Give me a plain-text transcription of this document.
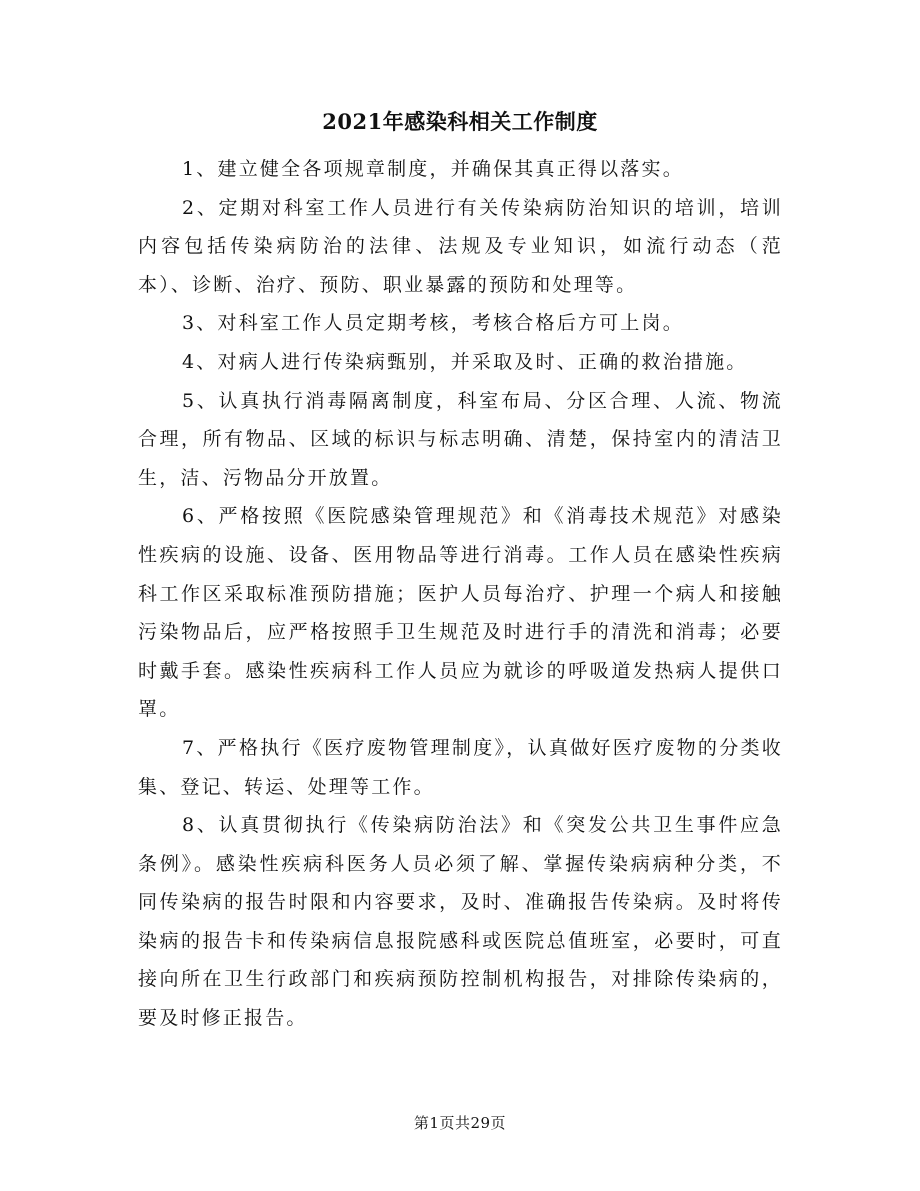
2021年感染科相关工作制度

1、建立健全各项规章制度，并确保其真正得以落实。

2、定期对科室工作人员进行有关传染病防治知识的培训，培训内容包括传染病防治的法律、法规及专业知识，如流行动态（范本）、诊断、治疗、预防、职业暴露的预防和处理等。

3、对科室工作人员定期考核，考核合格后方可上岗。

4、对病人进行传染病甄别，并采取及时、正确的救治措施。

5、认真执行消毒隔离制度，科室布局、分区合理、人流、物流合理，所有物品、区域的标识与标志明确、清楚，保持室内的清洁卫生，洁、污物品分开放置。

6、严格按照《医院感染管理规范》和《消毒技术规范》对感染性疾病的设施、设备、医用物品等进行消毒。工作人员在感染性疾病科工作区采取标准预防措施；医护人员每治疗、护理一个病人和接触污染物品后，应严格按照手卫生规范及时进行手的清洗和消毒；必要时戴手套。感染性疾病科工作人员应为就诊的呼吸道发热病人提供口罩。

7、严格执行《医疗废物管理制度》，认真做好医疗废物的分类收集、登记、转运、处理等工作。

8、认真贯彻执行《传染病防治法》和《突发公共卫生事件应急条例》。感染性疾病科医务人员必须了解、掌握传染病病种分类，不同传染病的报告时限和内容要求，及时、准确报告传染病。及时将传染病的报告卡和传染病信息报院感科或医院总值班室，必要时，可直接向所在卫生行政部门和疾病预防控制机构报告，对排除传染病的，要及时修正报告。

第1页共29页
